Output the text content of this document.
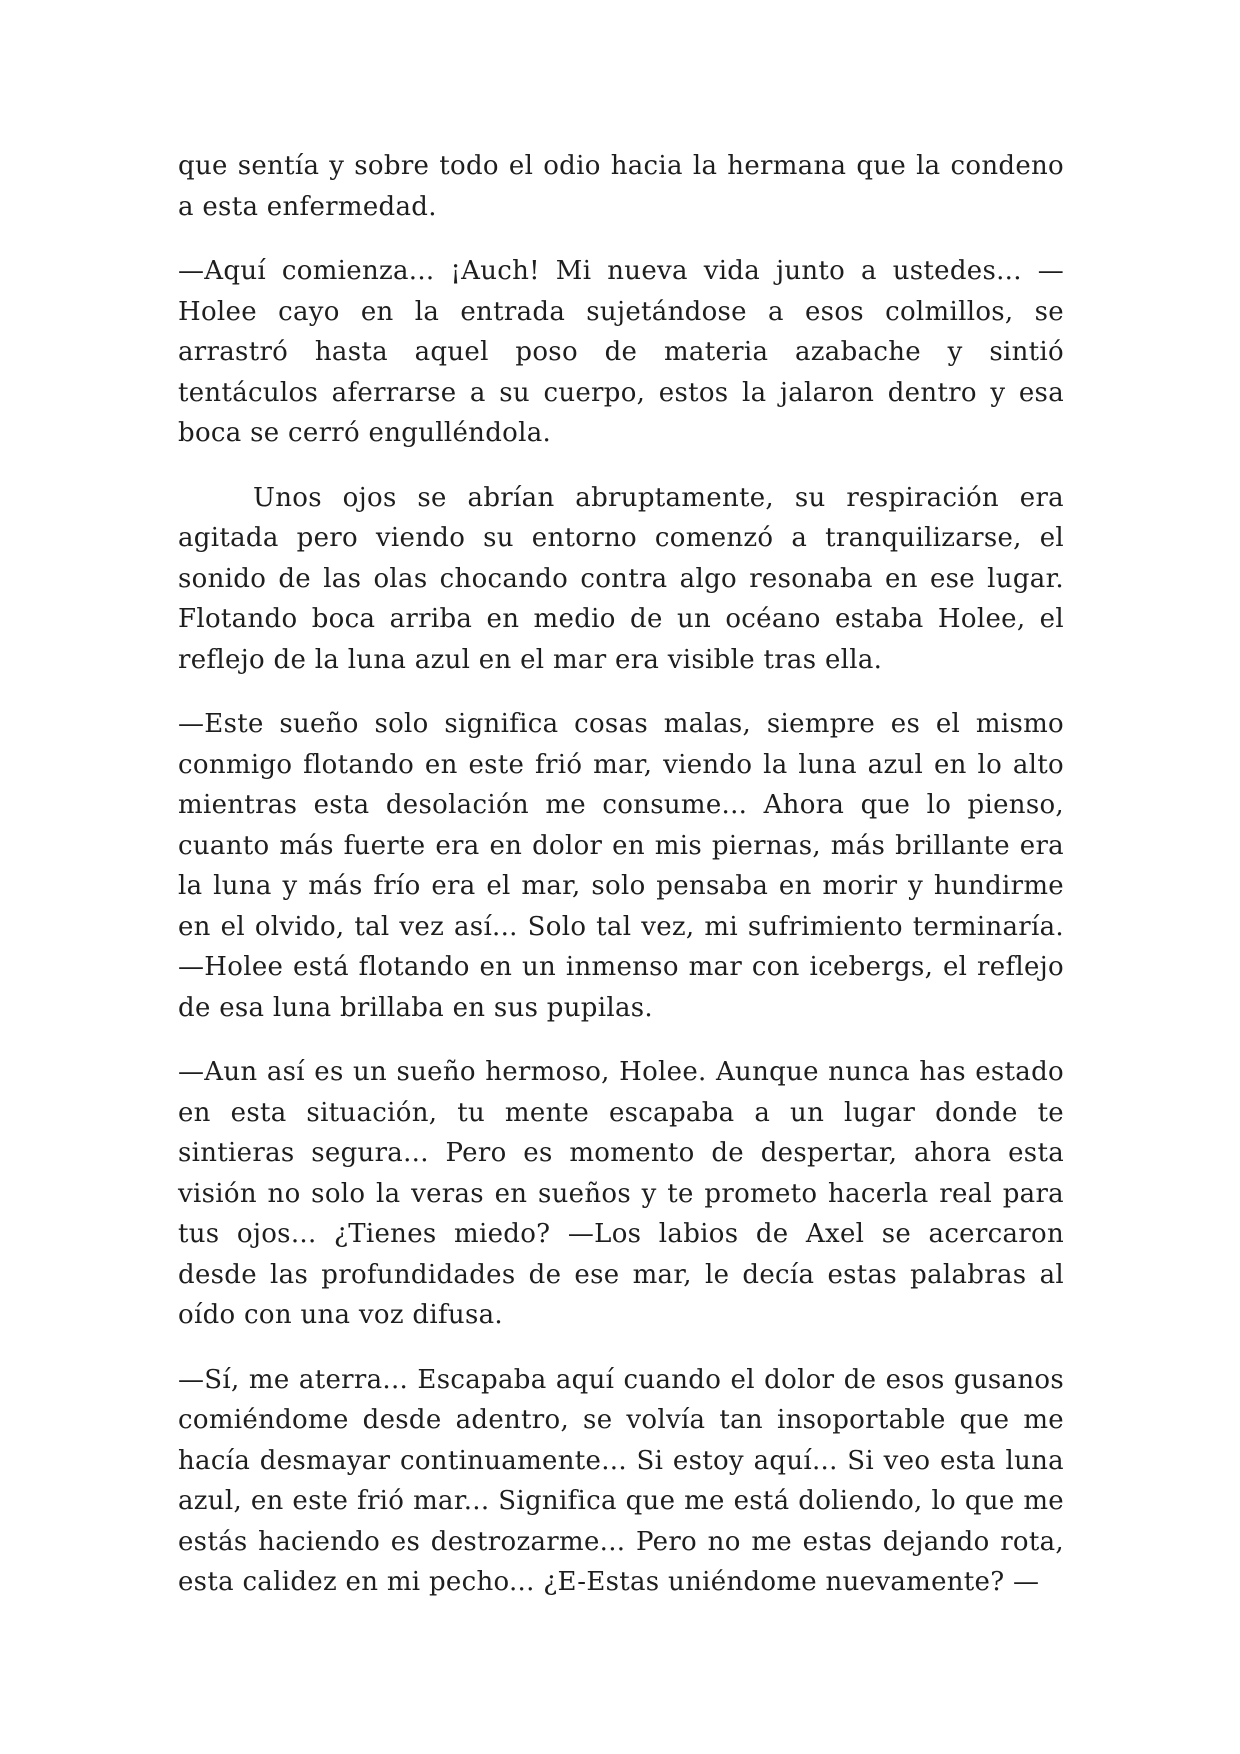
que sentía y sobre todo el odio hacia la hermana que la condeno a esta enfermedad.

—Aquí comienza... ¡Auch! Mi nueva vida junto a ustedes... —Holee cayo en la entrada sujetándose a esos colmillos, se arrastró hasta aquel poso de materia azabache y sintió tentáculos aferrarse a su cuerpo, estos la jalaron dentro y esa boca se cerró engulléndola.

Unos ojos se abrían abruptamente, su respiración era agitada pero viendo su entorno comenzó a tranquilizarse, el sonido de las olas chocando contra algo resonaba en ese lugar. Flotando boca arriba en medio de un océano estaba Holee, el reflejo de la luna azul en el mar era visible tras ella.

—Este sueño solo significa cosas malas, siempre es el mismo conmigo flotando en este frió mar, viendo la luna azul en lo alto mientras esta desolación me consume... Ahora que lo pienso, cuanto más fuerte era en dolor en mis piernas, más brillante era la luna y más frío era el mar, solo pensaba en morir y hundirme en el olvido, tal vez así... Solo tal vez, mi sufrimiento terminaría. —Holee está flotando en un inmenso mar con icebergs, el reflejo de esa luna brillaba en sus pupilas.

—Aun así es un sueño hermoso, Holee. Aunque nunca has estado en esta situación, tu mente escapaba a un lugar donde te sintieras segura... Pero es momento de despertar, ahora esta visión no solo la veras en sueños y te prometo hacerla real para tus ojos... ¿Tienes miedo? —Los labios de Axel se acercaron desde las profundidades de ese mar, le decía estas palabras al oído con una voz difusa.

—Sí, me aterra... Escapaba aquí cuando el dolor de esos gusanos comiéndome desde adentro, se volvía tan insoportable que me hacía desmayar continuamente... Si estoy aquí... Si veo esta luna azul, en este frió mar... Significa que me está doliendo, lo que me estás haciendo es destrozarme... Pero no me estas dejando rota, esta calidez en mi pecho... ¿E-Estas uniéndome nuevamente? —
